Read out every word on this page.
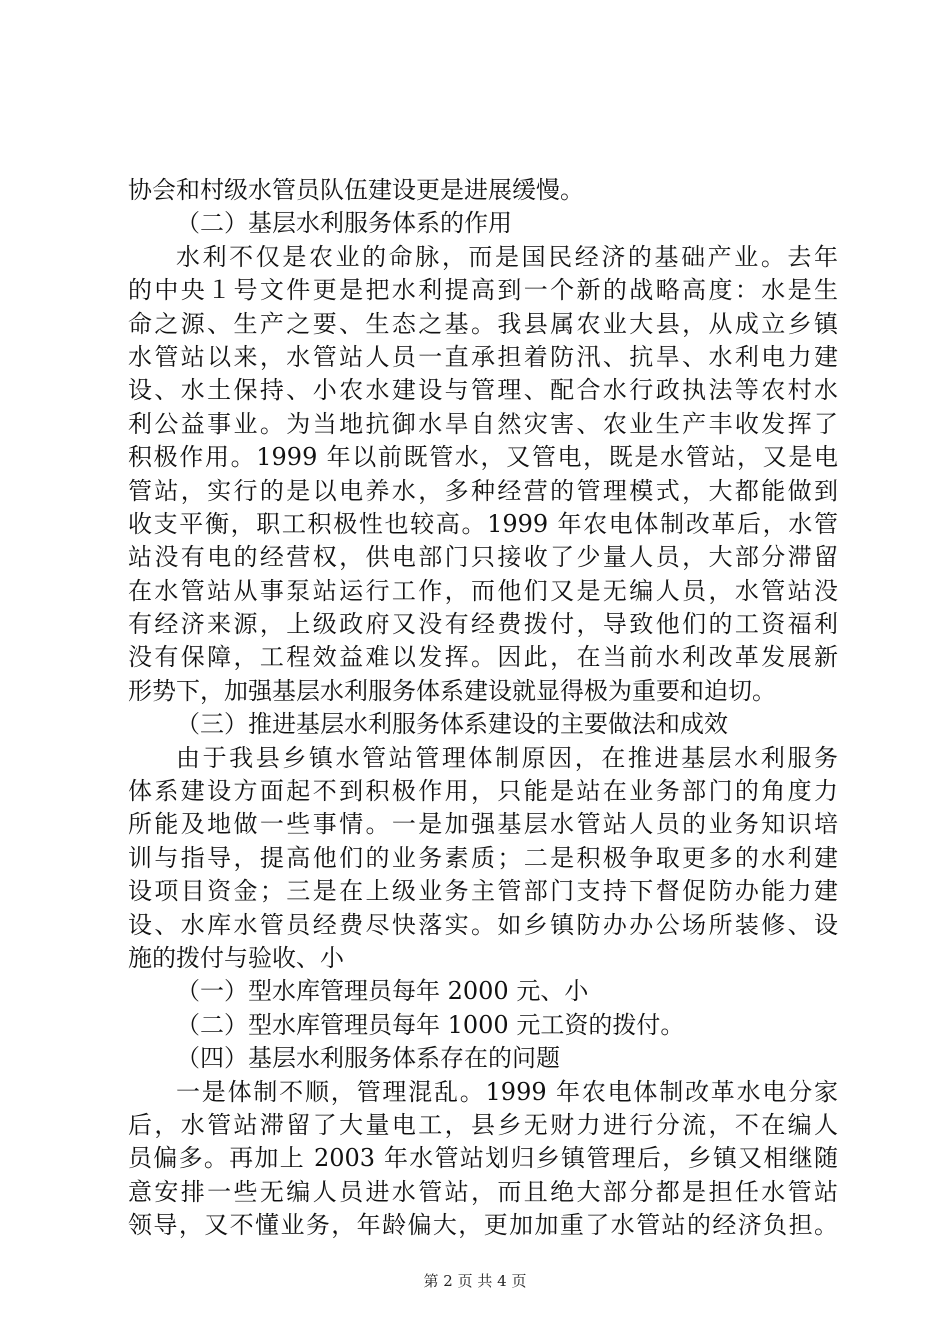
协会和村级水管员队伍建设更是进展缓慢。
（二）基层水利服务体系的作用
水利不仅是农业的命脉，而是国民经济的基础产业。去年
的中央１号文件更是把水利提高到一个新的战略高度：水是生
命之源、生产之要、生态之基。我县属农业大县，从成立乡镇
水管站以来，水管站人员一直承担着防汛、抗旱、水利电力建
设、水土保持、小农水建设与管理、配合水行政执法等农村水
利公益事业。为当地抗御水旱自然灾害、农业生产丰收发挥了
积极作用。1999 年以前既管水，又管电，既是水管站，又是电
管站，实行的是以电养水，多种经营的管理模式，大都能做到
收支平衡，职工积极性也较高。1999 年农电体制改革后，水管
站没有电的经营权，供电部门只接收了少量人员，大部分滞留
在水管站从事泵站运行工作，而他们又是无编人员，水管站没
有经济来源，上级政府又没有经费拨付，导致他们的工资福利
没有保障，工程效益难以发挥。因此，在当前水利改革发展新
形势下，加强基层水利服务体系建设就显得极为重要和迫切。
（三）推进基层水利服务体系建设的主要做法和成效
由于我县乡镇水管站管理体制原因，在推进基层水利服务
体系建设方面起不到积极作用，只能是站在业务部门的角度力
所能及地做一些事情。一是加强基层水管站人员的业务知识培
训与指导，提高他们的业务素质；二是积极争取更多的水利建
设项目资金；三是在上级业务主管部门支持下督促防办能力建
设、水库水管员经费尽快落实。如乡镇防办办公场所装修、设
施的拨付与验收、小
（一）型水库管理员每年 2000 元、小
（二）型水库管理员每年 1000 元工资的拨付。
（四）基层水利服务体系存在的问题
一是体制不顺，管理混乱。1999 年农电体制改革水电分家
后，水管站滞留了大量电工，县乡无财力进行分流，不在编人
员偏多。再加上 2003 年水管站划归乡镇管理后，乡镇又相继随
意安排一些无编人员进水管站，而且绝大部分都是担任水管站
领导，又不懂业务，年龄偏大，更加加重了水管站的经济负担。
第 2 页 共 4 页
